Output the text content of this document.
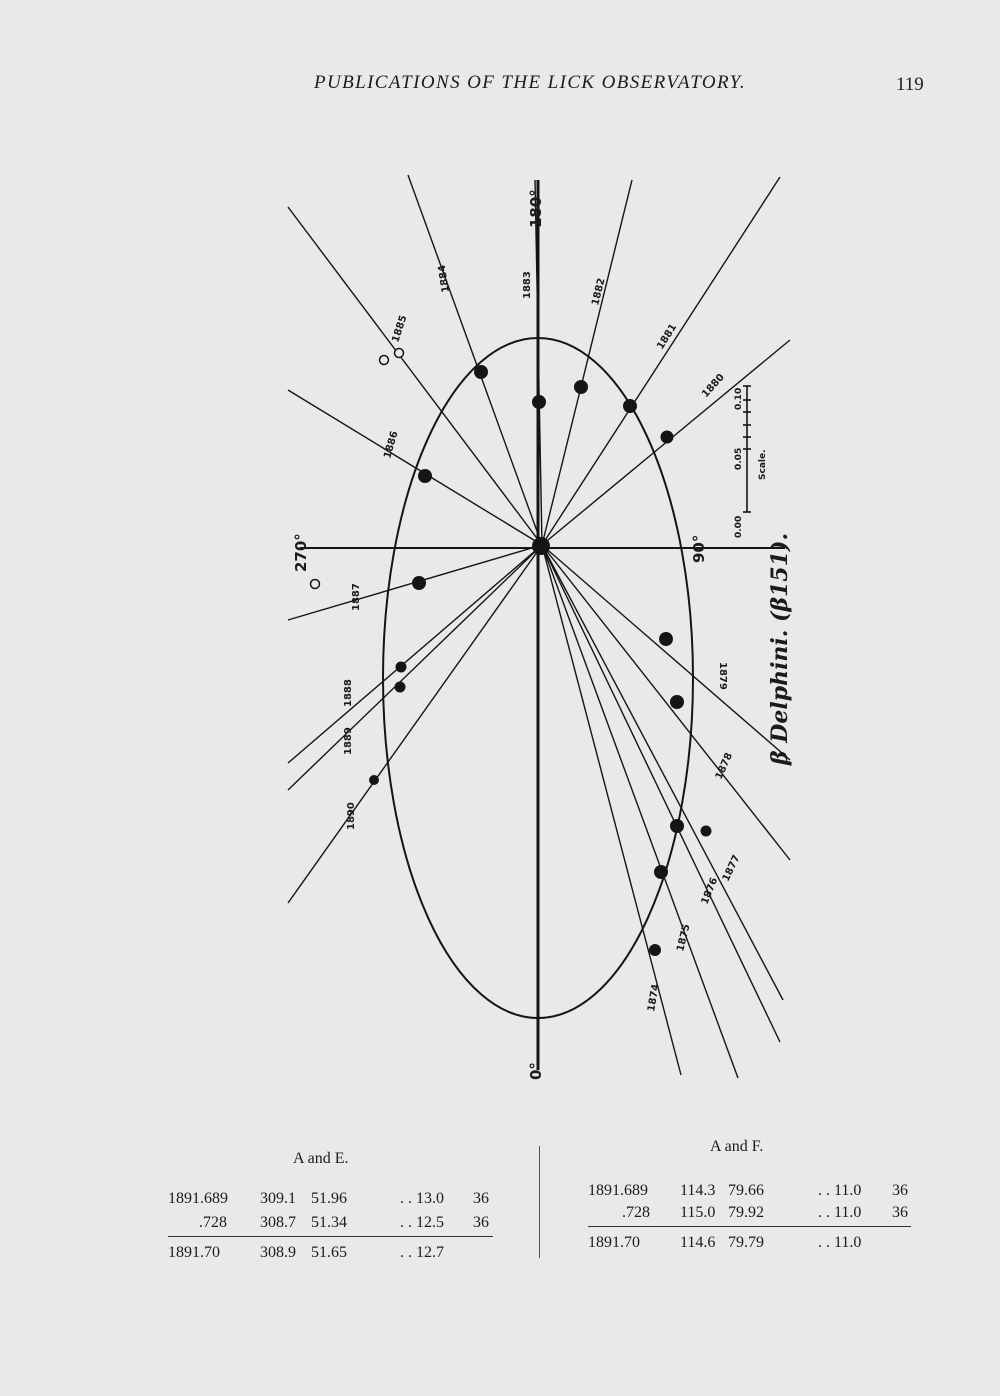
PUBLICATIONS OF THE LICK OBSERVATORY.	119
1874
1875
1876
1877
1878
1879
1880
1881
1882
1883
1884
1885
1886
1887
1888
1889
1890
180°
90°
0°
270°
0.00
0.05
0.10
Scale.
β Delphini. (β151).
A and E.
1891.689 309.1 51.96	. . 13.0 36
.728 308.7 51.34	. . 12.5 36
1891.70	308.9 51.65	. . 12.7
A and F.
1891.689 114.3 79.66	. . 11.0 36
.728 115.0 79.92	. . 11.0 36
1891.70	114.6 79.79	. . 11.0
